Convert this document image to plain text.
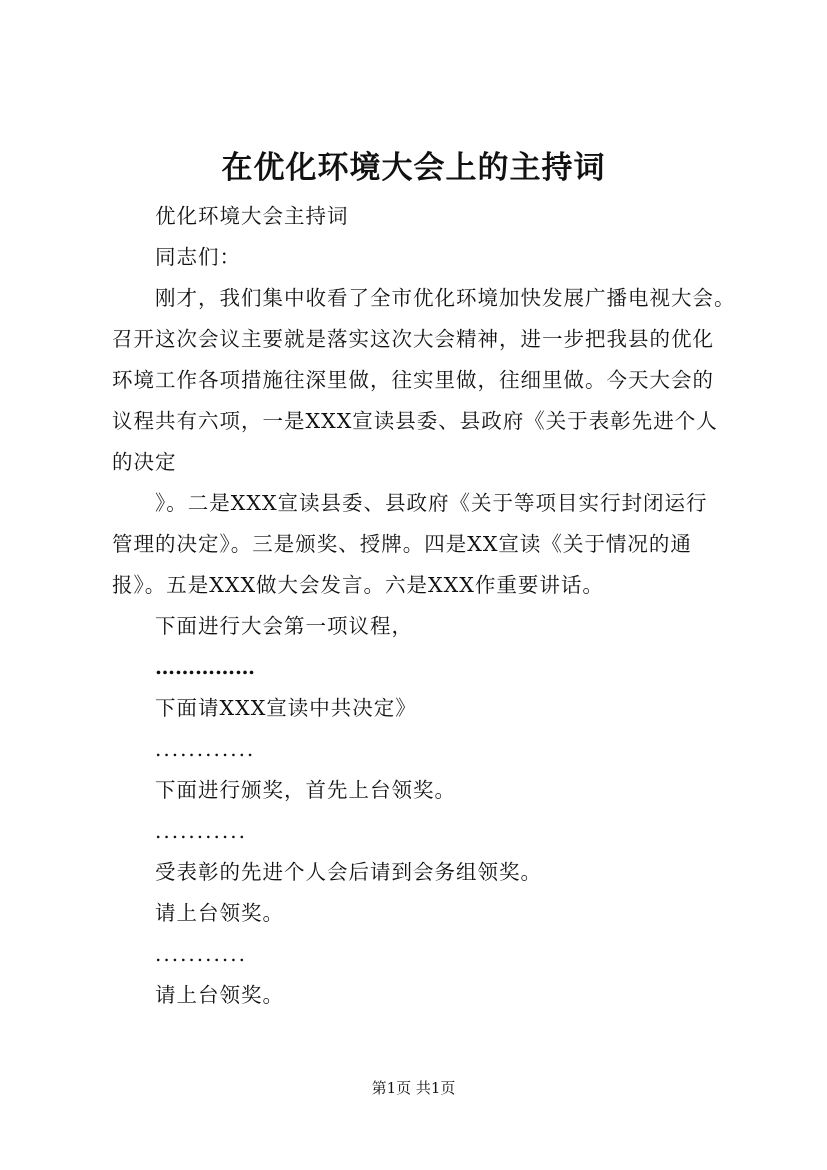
在优化环境大会上的主持词
优化环境大会主持词
同志们：
刚才，我们集中收看了全市优化环境加快发展广播电视大会。
召开这次会议主要就是落实这次大会精神，进一步把我县的优化
环境工作各项措施往深里做，往实里做，往细里做。今天大会的
议程共有六项，一是XXX宣读县委、县政府《关于表彰先进个人
的决定
》。二是XXX宣读县委、县政府《关于等项目实行封闭运行
管理的决定》。三是颁奖、授牌。四是XX宣读《关于情况的通
报》。五是XXX做大会发言。六是XXX作重要讲话。
下面进行大会第一项议程，
……………
下面请XXX宣读中共决定》
............
下面进行颁奖，首先上台领奖。
...........
受表彰的先进个人会后请到会务组领奖。
请上台领奖。
...........
请上台领奖。
第1页 共1页
